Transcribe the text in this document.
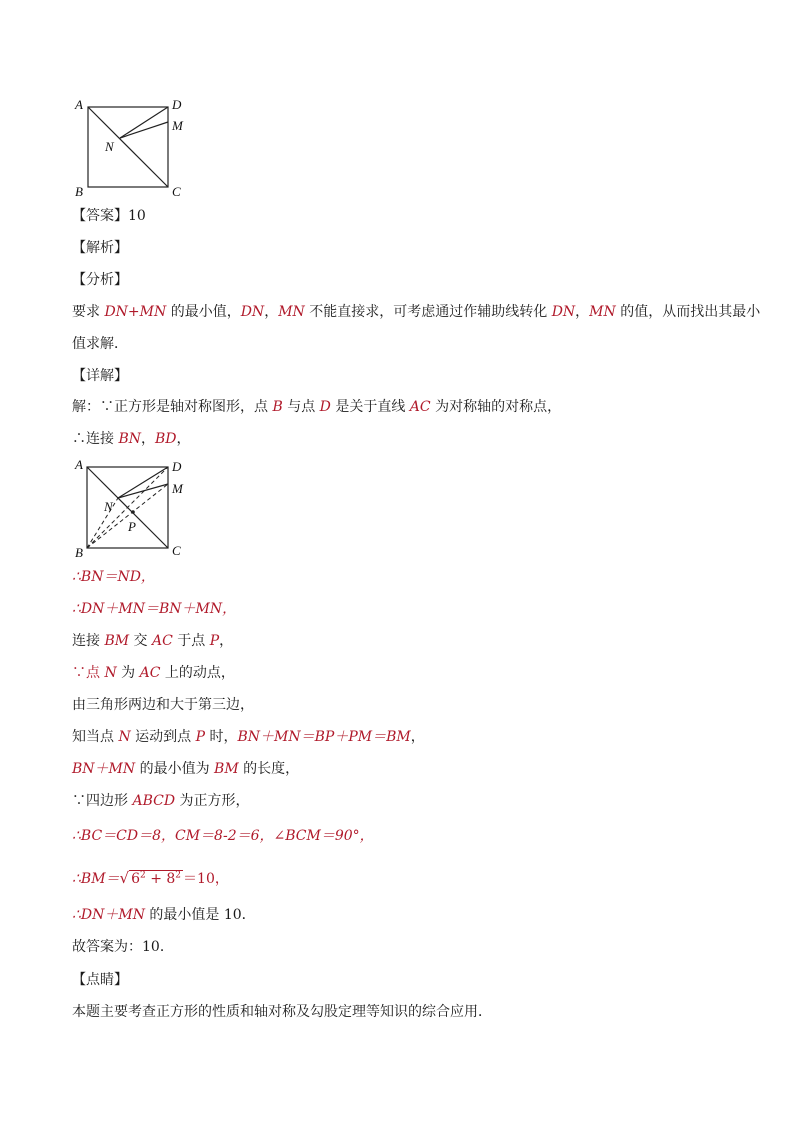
A	D
M
N
B	C
【答案】10
【解析】
【分析】
要求 DN+MN 的最小值，DN，MN 不能直接求，可考虑通过作辅助线转化 DN，MN 的值，从而找出其最小
值求解．
【详解】
解：∵正方形是轴对称图形，点 B 与点 D 是关于直线 AC 为对称轴的对称点，
∴连接 BN，BD，
A	D
M
N
P
B	C
∴BN＝ND，
∴DN＋MN＝BN＋MN，
连接 BM 交 AC 于点 P，
∵点 N 为 AC 上的动点，
由三角形两边和大于第三边，
知当点 N 运动到点 P 时，BN＋MN＝BP＋PM＝BM，
BN＋MN 的最小值为 BM 的长度，
∵四边形 ABCD 为正方形，
∴BC＝CD＝8，CM＝8-2＝6，∠BCM＝90°，
∴BM＝√ $6^2 + 8^2 =10$，
∴DN＋MN 的最小值是 10．
故答案为：10．
【点睛】
本题主要考查正方形的性质和轴对称及勾股定理等知识的综合应用．
